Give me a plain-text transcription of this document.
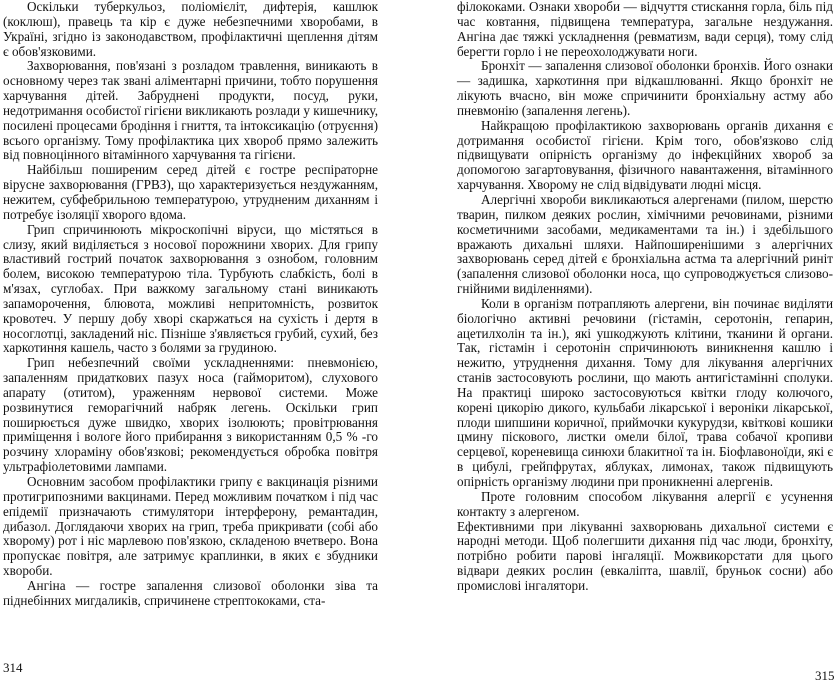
Оскільки туберкульоз, поліомієліт, дифтерія, кашлюк (коклюш), правець та кір є дуже небезпечними хворобами, в Україні, згідно із законодавством, профілактичні щеплення дітям є обов'язковими.

Захворювання, пов'язані з розладом травлення, виникають в основному через так звані аліментарні причини, тобто порушення харчування дітей. Забруднені продукти, посуд, руки, недотримання особистої гігієни викликають розлади у кишечнику, посилені процесами бродіння і гниття, та інтоксикацію (отруєння) всього організму. Тому профілактика цих хвороб прямо залежить від повноцінного вітамінного харчування та гігієни.

Найбільш поширеним серед дітей є гостре респіраторне вірусне захворювання (ГРВЗ), що характеризується нездужанням, нежитем, субфебрильною температурою, утрудненим диханням і потребує ізоляції хворого вдома.

Грип спричинюють мікроскопічні віруси, що містяться в слизу, який виділяється з носової порожнини хворих. Для грипу властивий гострий початок захворювання з ознобом, головним болем, високою температурою тіла. Турбують слабкість, болі в м'язах, суглобах. При важкому загальному стані виникають запаморочення, блювота, можливі непритомність, розвиток кровотеч. У першу добу хворі скаржаться на сухість і дертя в носоглотці, закладений ніс. Пізніше з'являється грубий, сухий, без харкотиння кашель, часто з болями за грудиною.

Грип небезпечний своїми ускладненнями: пневмонією, запаленням придаткових пазух носа (гайморитом), слухового апарату (отитом), ураженням нервової системи. Може розвинутися геморагічний набряк легень. Оскільки грип поширюється дуже швидко, хворих ізолюють; провітрювання приміщення і вологе його прибирання з використанням 0,5 % -го розчину хлораміну обов'язкові; рекомендується обробка повітря ультрафіолетовими лампами.

Основним засобом профілактики грипу є вакцинація різними протигрипозними вакцинами. Перед можливим початком і під час епідемії призначають стимулятори інтерферону, ремантадин, дибазол. Доглядаючи хворих на грип, треба прикривати (собі або хворому) рот і ніс марлевою пов'язкою, складеною вчетверо. Вона пропускає повітря, але затримує краплинки, в яких є збудники хвороби.

Ангіна — гостре запалення слизової оболонки зіва та піднебінних мигдаликів, спричинене стрептококами, ста-

314

філококами. Ознаки хвороби — відчуття стискання горла, біль під час ковтання, підвищена температура, загальне нездужання. Ангіна дає тяжкі ускладнення (ревматизм, вади серця), тому слід берегти горло і не переохолоджувати ноги.

Бронхіт — запалення слизової оболонки бронхів. Його ознаки — задишка, харкотиння при відкашлюванні. Якщо бронхіт не лікують вчасно, він може спричинити бронхіальну астму або пневмонію (запалення легень).

Найкращою профілактикою захворювань органів дихання є дотримання особистої гігієни. Крім того, обов'язково слід підвищувати опірність організму до інфекційних хвороб за допомогою загартовування, фізичного навантаження, вітамінного харчування. Хворому не слід відвідувати людні місця.

Алергічні хвороби викликаються алергенами (пилом, шерстю тварин, пилком деяких рослин, хімічними речовинами, різними косметичними засобами, медикаментами та ін.) і здебільшого вражають дихальні шляхи. Найпоширенішими з алергічних захворювань серед дітей є бронхіальна астма та алергічний риніт (запалення слизової оболонки носа, що супроводжується слизово-гнійними виділеннями).

Коли в організм потрапляють алергени, він починає виділяти біологічно активні речовини (гістамін, серотонін, гепарин, ацетилхолін та ін.), які ушкоджують клітини, тканини й органи. Так, гістамін і серотонін спричинюють виникнення кашлю і нежитю, утруднення дихання. Тому для лікування алергічних станів застосовують рослини, що мають антигістамінні сполуки. На практиці широко застосовуються квітки глоду колючого, корені цикорію дикого, кульбаби лікарської і вероніки лікарської, плоди шипшини коричної, приймочки кукурудзи, квіткові кошики цмину піскового, листки омели білої, трава собачої кропиви серцевої, кореневища синюхи блакитної та ін. Біофлавоноїди, які є в цибулі, грейпфрутах, яблуках, лимонах, також підвищують опірність організму людини при проникненні алергенів.

Проте головним способом лікування алергії є усунення контакту з алергеном.

Ефективними при лікуванні захворювань дихальної системи є народні методи. Щоб полегшити дихання під час люди, бронхіту, потрібно робити парові інгаляції. Можвикорстати для цього відвари деяких рослин (евкаліпта, шавлії, бруньок сосни) або промислові інгалятори.

315
